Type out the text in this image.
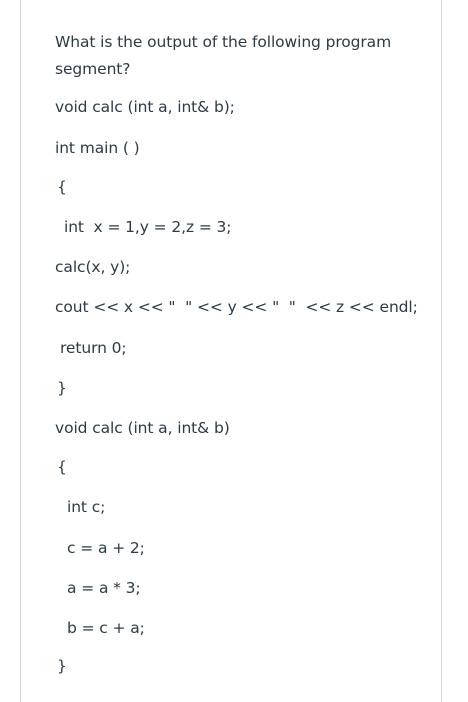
What is the output of the following program
segment?
void calc (int a, int& b);
int main ( )
{
int  x = 1,y = 2,z = 3;
calc(x, y);
cout << x << "  " << y << "  "  << z << endl;
return 0;
}
void calc (int a, int& b)
{
int c;
c = a + 2;
a = a * 3;
b = c + a;
}
